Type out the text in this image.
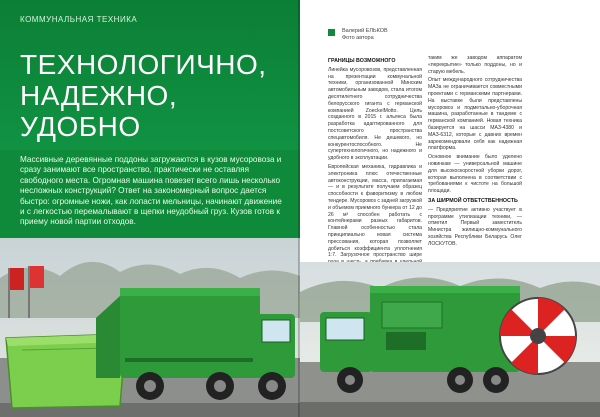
КОММУНАЛЬНАЯ ТЕХНИКА
ТЕХНОЛОГИЧНО,
НАДЕЖНО,
УДОБНО

Массивные деревянные поддоны загружаются в кузов мусоровоза и сразу занимают все пространство, практически не оставляя свободного места. Огромная машина повезет всего лишь несколько несложных конструкций? Ответ на закономерный вопрос дается быстро: огромные ножи, как лопасти мельницы, начинают движение и с легкостью перемалывают в щепки неудобный груз. Кузов готов к приему новой партии отходов.

Валерий ЕЛЬКОВ
Фото автора
ГРАНИЦЫ ВОЗМОЖНОГО

Линейка мусоровозов, представленная на презентации коммунальной техники, организованной Минским автомобильным заводом, стала итогом десятилетнего сотрудничества белорусского гиганта с германской компанией ZoeckelMotto. Цель созданного в 2015 г. альянса была разработка адаптированного для постсоветского пространства спецавтомобиля. Не дешевого, но конкурентоспособного. Не супертехнологичного, но надежного и удобного в эксплуатации.

Европейская механика, гидравлика и электроника плюс отечественные автоконструкции, масса, прилагаемая — и в результате получаем образец способности к фаворитизму в любом тендере. Мусоровоз с задней загрузкой и объемом приемного бункера от 12 до 26 м³ способен работать с контейнерами разных габаритов. Главной особенностью стала принципиально новая система прессования, которая позволяет добиться коэффициента уплотнения 1:7. Загрузочное пространство шире

таким же заводом аппаратом «перекрытие» только поддоны, но и старую мебель.

Опыт международного сотрудничества МАЗа не ограничивается совместными проектами с германскими партнерами. На выставке были представлены мусоровоз и подметально-уборочная машина, разработанные в тандеме с германской компанией. Новая техника базируется на шасси МАЗ-4380 и МАЗ-6312, которые с давних времен зарекомендовали себя как надежная платформа.

Основное внимание было уделено новинкам — универсальной машине для высокоскоростной уборки дорог, которая выполнена в соответствии с требованиями к чистоте на большой площади.

ЗА ШИРМОЙ ОТВЕТСТВЕННОСТЬ

— Предприятие активно участвует в программе утилизации техники, — отметил Первый заместитель Министра жилищно-коммунального хозяйства Республики Беларусь Олег ЛОСКУТОВ.
